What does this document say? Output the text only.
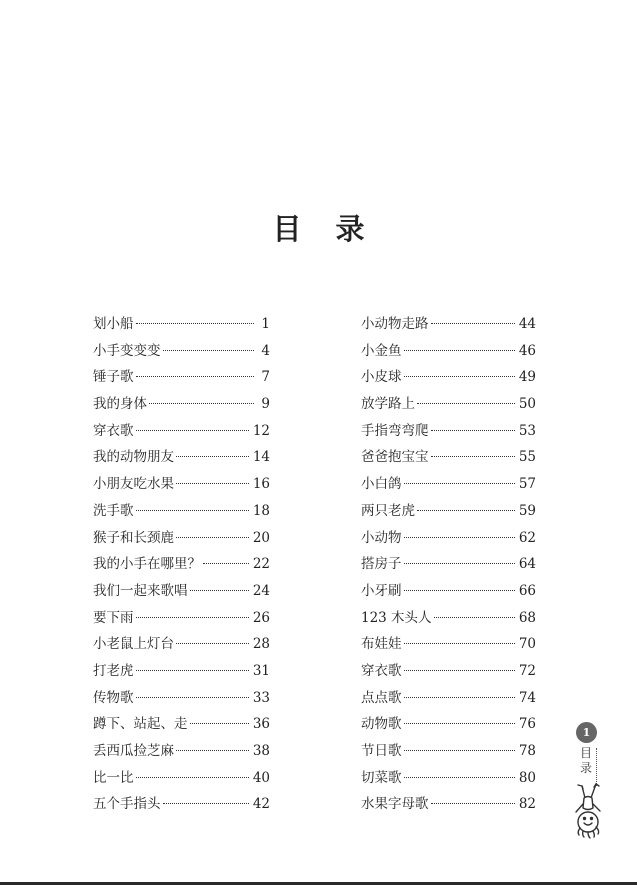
目 录
划小船	1
小手变变变	4
锤子歌	7
我的身体	9
穿衣歌	12
我的动物朋友	14
小朋友吃水果	16
洗手歌	18
猴子和长颈鹿	20
我的小手在哪里？	22
我们一起来歌唱	24
要下雨	26
小老鼠上灯台	28
打老虎	31
传物歌	33
蹲下、站起、走	36
丢西瓜捡芝麻	38
比一比	40
五个手指头	42
小动物走路	44
小金鱼	46
小皮球	49
放学路上	50
手指弯弯爬	53
爸爸抱宝宝	55
小白鸽	57
两只老虎	59
小动物	62
搭房子	64
小牙刷	66
123 木头人	68
布娃娃	70
穿衣歌	72
点点歌	74
动物歌	76
节日歌	78
切菜歌	80
水果字母歌	82
1
目录
